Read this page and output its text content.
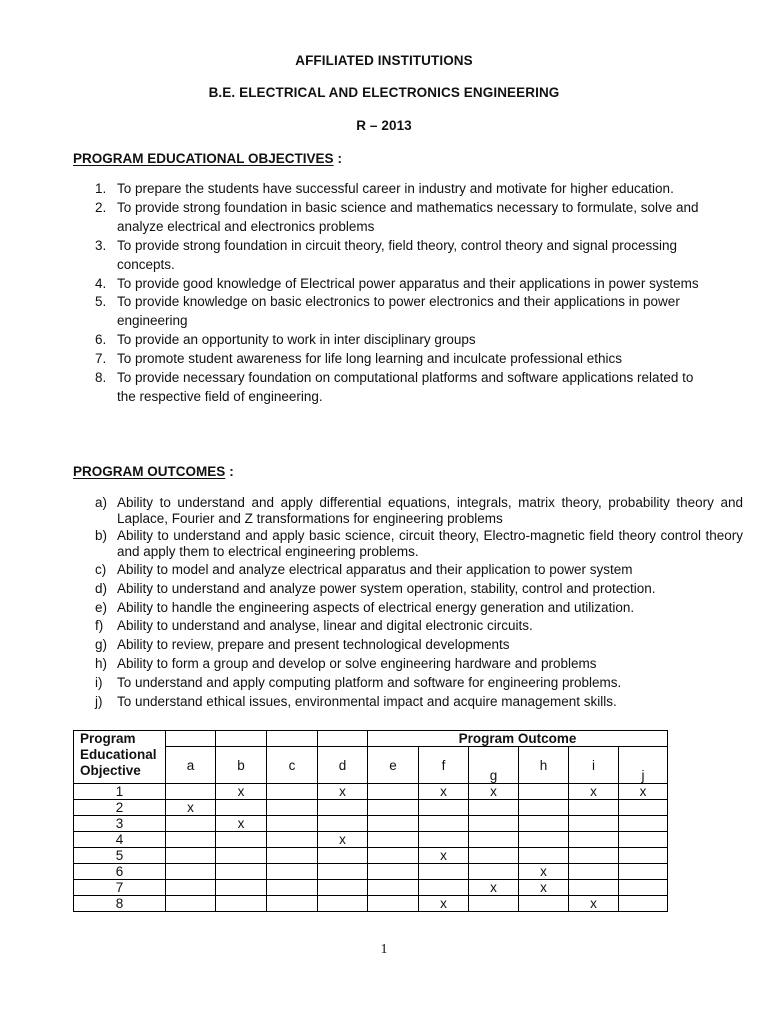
AFFILIATED INSTITUTIONS
B.E. ELECTRICAL AND ELECTRONICS ENGINEERING
R – 2013
PROGRAM EDUCATIONAL OBJECTIVES :
1. To prepare the students have successful career in industry and motivate for higher education.
2. To provide strong foundation in basic science and mathematics necessary to formulate, solve and analyze electrical and electronics problems
3. To provide strong foundation in circuit theory, field theory, control theory and signal processing concepts.
4. To provide good knowledge of Electrical power apparatus and their applications in power systems
5. To provide knowledge on basic electronics to power electronics and their applications in power engineering
6. To provide an opportunity to work in inter disciplinary groups
7. To promote student awareness for life long learning and inculcate professional ethics
8. To provide necessary foundation on computational platforms and software applications related to the respective field of engineering.
PROGRAM OUTCOMES :
a) Ability to understand and apply differential equations, integrals, matrix theory, probability theory and Laplace, Fourier and Z transformations for engineering problems
b) Ability to understand and apply basic science, circuit theory, Electro-magnetic field theory control theory and apply them to electrical engineering problems.
c) Ability to model and analyze electrical apparatus and their application to power system
d) Ability to understand and analyze power system operation, stability, control and protection.
e) Ability to handle the engineering aspects of electrical energy generation and utilization.
f) Ability to understand and analyse, linear and digital electronic circuits.
g) Ability to review, prepare and present technological developments
h) Ability to form a group and develop or solve engineering hardware and problems
i) To understand and apply computing platform and software for engineering problems.
j) To understand ethical issues, environmental impact and acquire management skills.
Program
Educational
Objective					Program Outcome					
	a	b	c	d	e	f	g	h	i	j

1		x		x		x	x		x	x
2	x									
3		x								
4				x						
5						x				
6								x		
7							x	x		
8						x			x	
1
